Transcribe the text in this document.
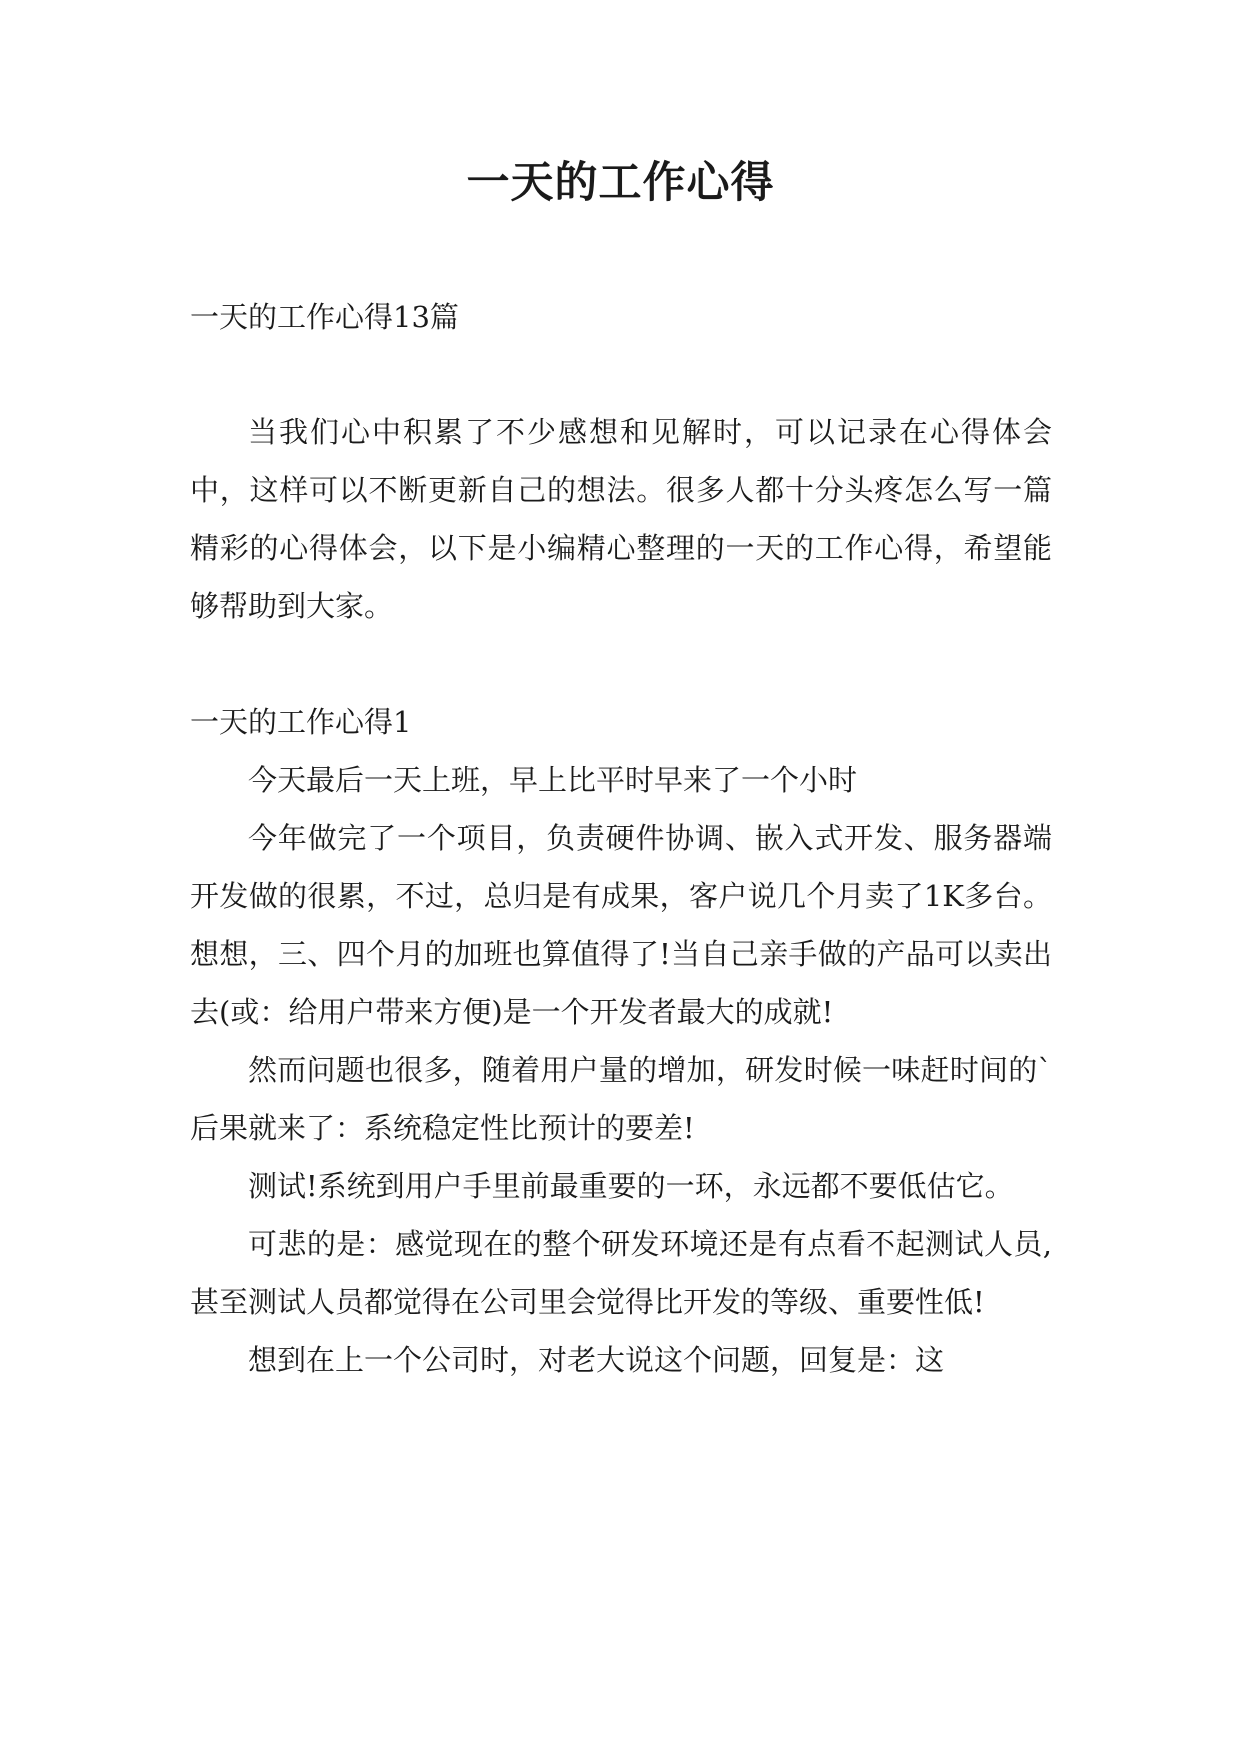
一天的工作心得

一天的工作心得13篇

当我们心中积累了不少感想和见解时，可以记录在心得体会中，这样可以不断更新自己的想法。很多人都十分头疼怎么写一篇精彩的心得体会，以下是小编精心整理的一天的工作心得，希望能够帮助到大家。

一天的工作心得1

今天最后一天上班，早上比平时早来了一个小时

今年做完了一个项目，负责硬件协调、嵌入式开发、服务器端开发做的很累，不过，总归是有成果，客户说几个月卖了1K多台。想想，三、四个月的加班也算值得了!当自己亲手做的产品可以卖出去(或：给用户带来方便)是一个开发者最大的成就!

然而问题也很多，随着用户量的增加，研发时候一味赶时间的`后果就来了：系统稳定性比预计的要差!

测试!系统到用户手里前最重要的一环，永远都不要低估它。

可悲的是：感觉现在的整个研发环境还是有点看不起测试人员,甚至测试人员都觉得在公司里会觉得比开发的等级、重要性低!

想到在上一个公司时，对老大说这个问题，回复是：这
